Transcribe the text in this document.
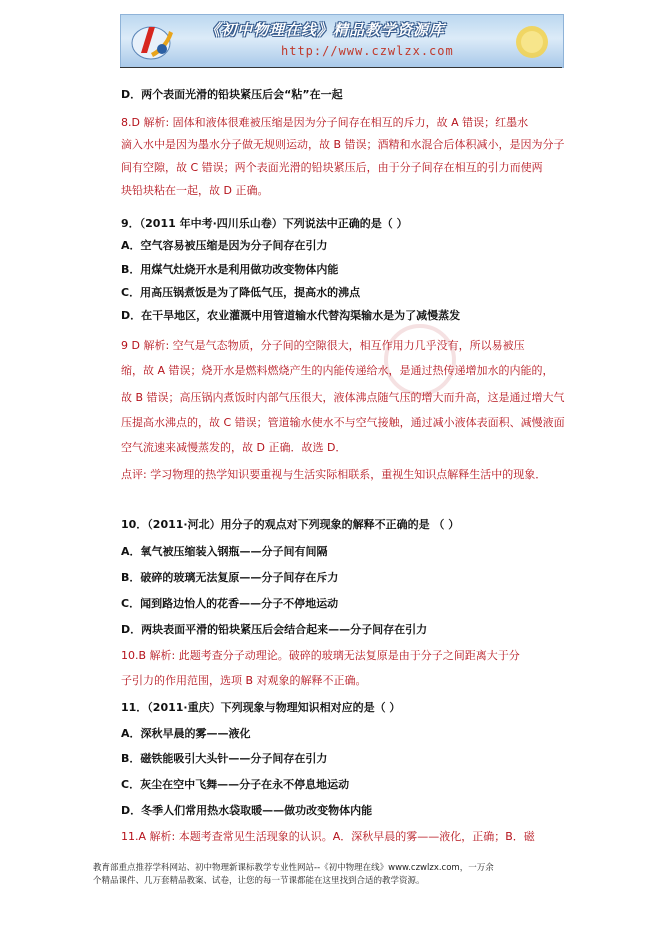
《初中物理在线》精品教学资源库
http://www.czwlzx.com
D．两个表面光滑的铅块紧压后会“粘”在一起
8.D 解析: 固体和液体很难被压缩是因为分子间存在相互的斥力，故 A 错误；红墨水
滴入水中是因为墨水分子做无规则运动，故 B 错误；酒精和水混合后体积减小，是因为分子
间有空隙，故 C 错误；两个表面光滑的铅块紧压后，由于分子间存在相互的引力而使两
块铅块粘在一起，故 D 正确。
9．（2011 年中考·四川乐山卷）下列说法中正确的是（ ）
A．空气容易被压缩是因为分子间存在引力
B．用煤气灶烧开水是利用做功改变物体内能
C．用高压锅煮饭是为了降低气压，提高水的沸点
D．在干旱地区，农业灌溉中用管道输水代替沟渠输水是为了减慢蒸发
9 D 解析: 空气是气态物质，分子间的空隙很大，相互作用力几乎没有，所以易被压
缩，故 A 错误；烧开水是燃料燃烧产生的内能传递给水，是通过热传递增加水的内能的，
故 B 错误；高压锅内煮饭时内部气压很大，液体沸点随气压的增大而升高，这是通过增大气
压提高水沸点的，故 C 错误；管道输水使水不与空气接触，通过减小液体表面积、减慢液面
空气流速来减慢蒸发的，故 D 正确．故选 D．
点评: 学习物理的热学知识要重视与生活实际相联系，重视生知识点解释生活中的现象．
10．（2011·河北）用分子的观点对下列现象的解释不正确的是 （ ）
A．氧气被压缩装入钢瓶——分子间有间隔
B．破碎的玻璃无法复原——分子间存在斥力
C．闻到路边怡人的花香——分子不停地运动
D．两块表面平滑的铅块紧压后会结合起来——分子间存在引力
10.B 解析: 此题考查分子动理论。破碎的玻璃无法复原是由于分子之间距离大于分
子引力的作用范围，选项 B 对观象的解释不正确。
11．（2011·重庆）下列现象与物理知识相对应的是（ ）
A．深秋早晨的雾——液化
B．磁铁能吸引大头针——分子间存在引力
C．灰尘在空中飞舞——分子在永不停息地运动
D．冬季人们常用热水袋取暖——做功改变物体内能
11.A 解析: 本题考查常见生活现象的认识。A．深秋早晨的雾——液化，正确；B．磁
教育部重点推荐学科网站、初中物理新课标教学专业性网站--《初中物理在线》www.czwlzx.com，一万余
个精品课件、几万套精品教案、试卷，让您的每一节课都能在这里找到合适的教学资源。
